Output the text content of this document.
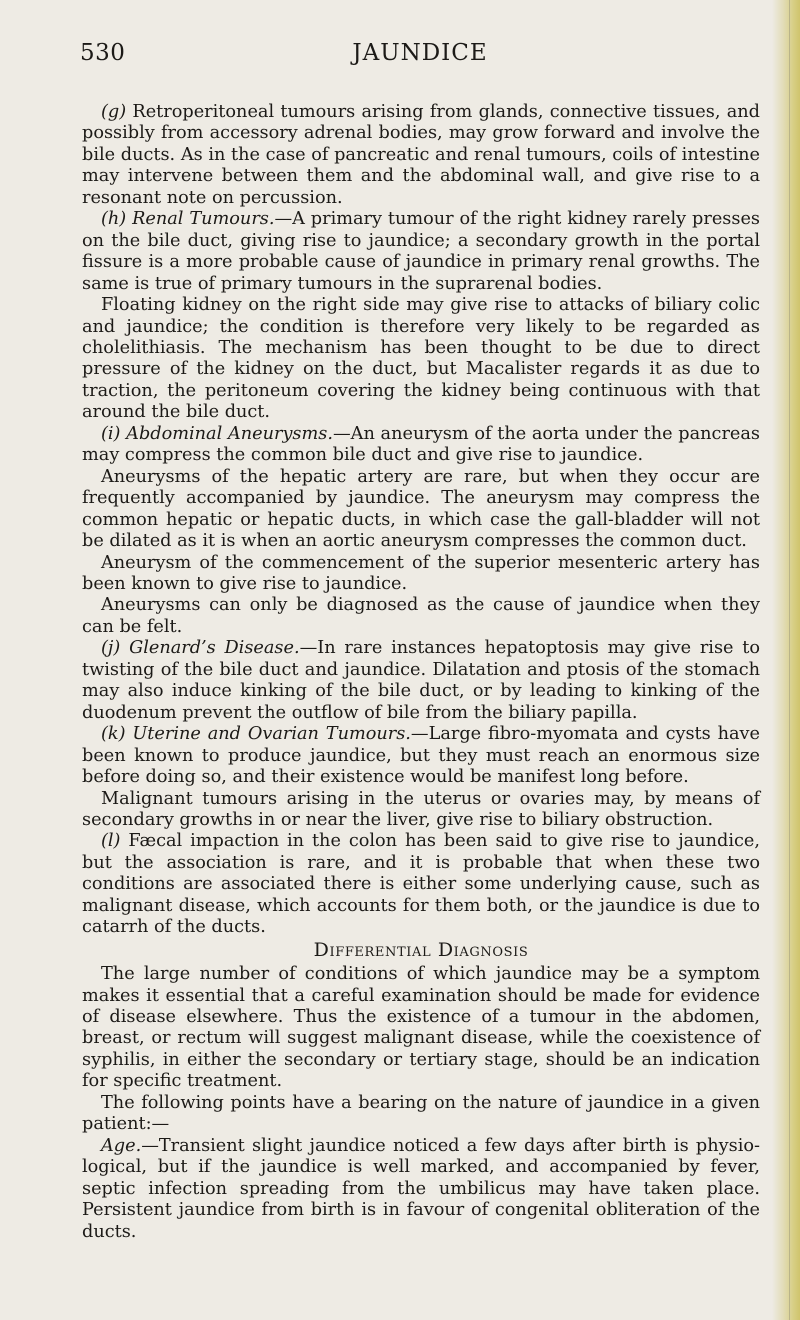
530	JAUNDICE

(g) Retroperitoneal tumours arising from glands, connective tissues, and possibly from accessory adrenal bodies, may grow forward and involve the bile ducts. As in the case of pancreatic and renal tumours, coils of intestine may intervene between them and the abdominal wall, and give rise to a resonant note on percussion.

(h) Renal Tumours.—A primary tumour of the right kidney rarely presses on the bile duct, giving rise to jaundice; a secondary growth in the portal fissure is a more probable cause of jaundice in primary renal growths. The same is true of primary tumours in the suprarenal bodies.

Floating kidney on the right side may give rise to attacks of biliary colic and jaundice; the condition is therefore very likely to be regarded as cholelithiasis. The mechanism has been thought to be due to direct pressure of the kidney on the duct, but Macalister regards it as due to traction, the peritoneum covering the kidney being continuous with that around the bile duct.

(i) Abdominal Aneurysms.—An aneurysm of the aorta under the pancreas may compress the common bile duct and give rise to jaundice.

Aneurysms of the hepatic artery are rare, but when they occur are frequently accompanied by jaundice. The aneurysm may compress the common hepatic or hepatic ducts, in which case the gall-bladder will not be dilated as it is when an aortic aneurysm compresses the common duct.

Aneurysm of the commencement of the superior mesenteric artery has been known to give rise to jaundice.

Aneurysms can only be diagnosed as the cause of jaundice when they can be felt.

(j) Glenard’s Disease.—In rare instances hepatoptosis may give rise to twisting of the bile duct and jaundice. Dilatation and ptosis of the stomach may also induce kinking of the bile duct, or by leading to kinking of the duodenum prevent the outflow of bile from the biliary papilla.

(k) Uterine and Ovarian Tumours.—Large fibro-myomata and cysts have been known to produce jaundice, but they must reach an enormous size before doing so, and their existence would be manifest long before.

Malignant tumours arising in the uterus or ovaries may, by means of secondary growths in or near the liver, give rise to biliary obstruction.

(l) Fæcal impaction in the colon has been said to give rise to jaundice, but the association is rare, and it is probable that when these two conditions are associated there is either some underlying cause, such as malignant disease, which accounts for them both, or the jaundice is due to catarrh of the ducts.

Differential Diagnosis

The large number of conditions of which jaundice may be a symptom makes it essential that a careful examination should be made for evidence of disease elsewhere. Thus the existence of a tumour in the abdomen, breast, or rectum will suggest malignant disease, while the coexistence of syphilis, in either the secondary or tertiary stage, should be an indication for specific treatment.

The following points have a bearing on the nature of jaundice in a given patient:—

Age.—Transient slight jaundice noticed a few days after birth is physio-logical, but if the jaundice is well marked, and accompanied by fever, septic infection spreading from the umbilicus may have taken place. Persistent jaundice from birth is in favour of congenital obliteration of the ducts.
